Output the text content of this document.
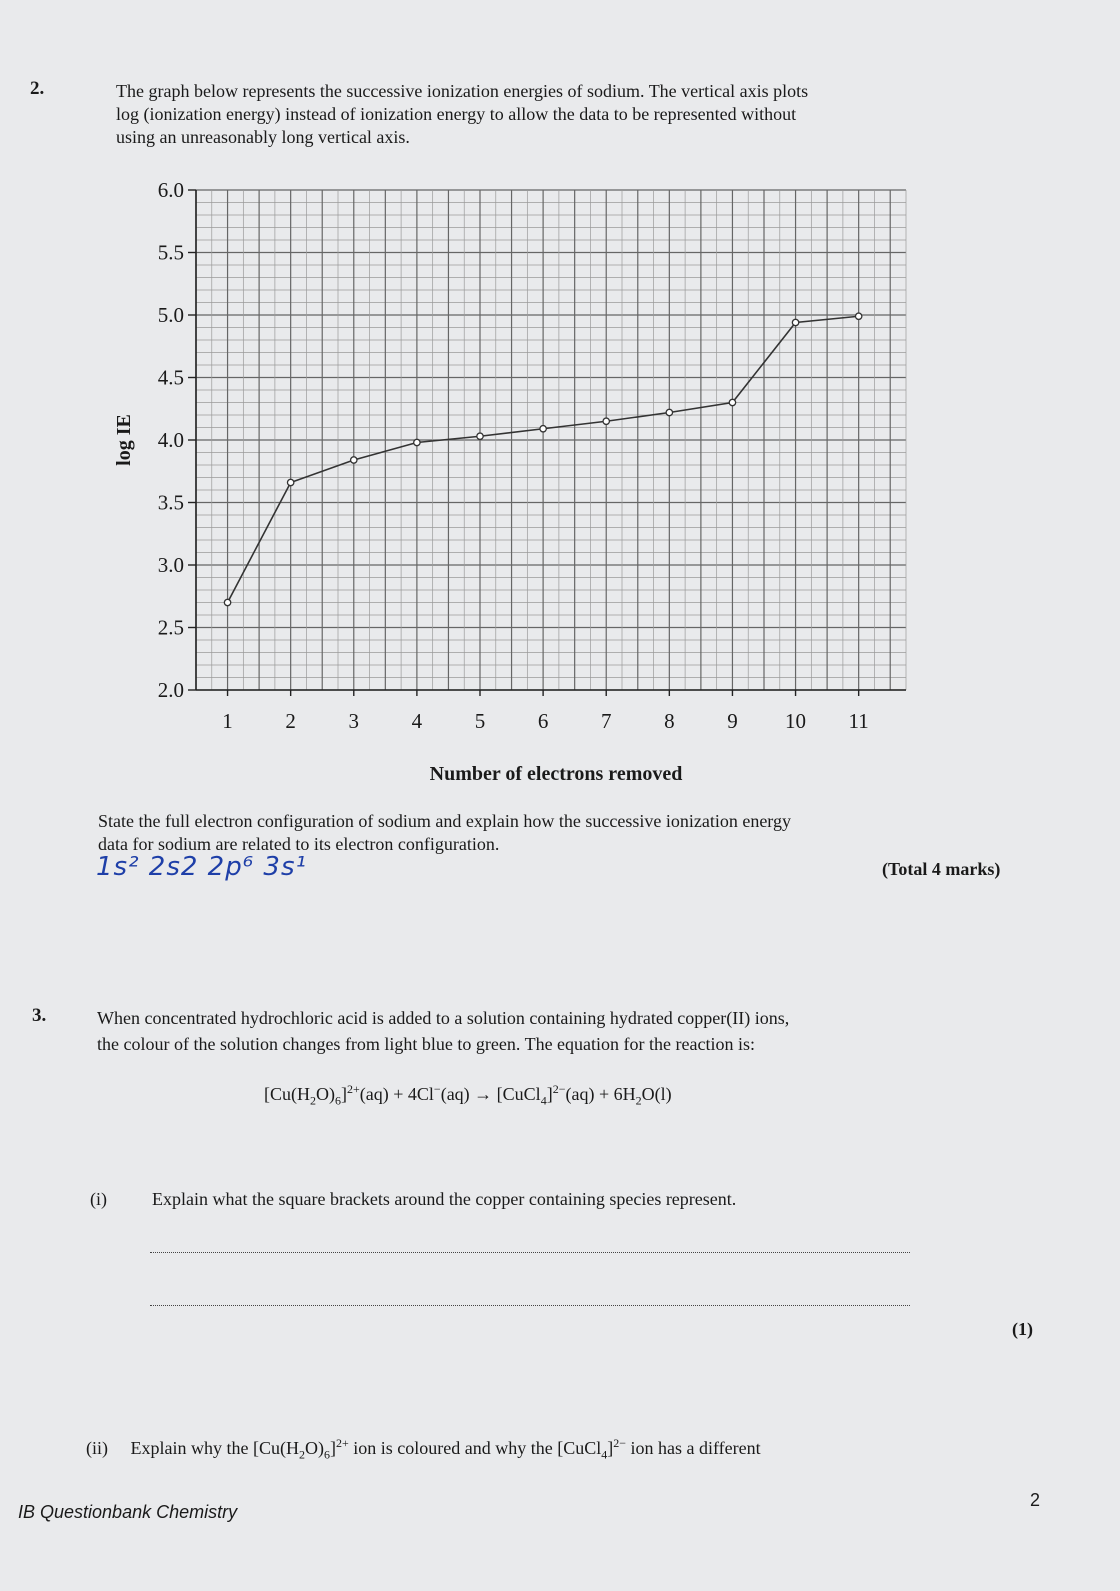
2.	The graph below represents the successive ionization energies of sodium. The vertical axis plots
log (ionization energy) instead of ionization energy to allow the data to be represented without
using an unreasonably long vertical axis.
2.0
2.5
3.0
3.5
4.0
4.5
5.0
5.5
6.0
1	2	3	4	5	6	7	8	9 10 11
log IE
Number of electrons removed
State the full electron configuration of sodium and explain how the successive ionization energy
data for sodium are related to its electron configuration.
1s² 2s2 2p⁶ 3s¹	(Total 4 marks)
3.	When concentrated hydrochloric acid is added to a solution containing hydrated copper(II) ions,
the colour of the solution changes from light blue to green. The equation for the reaction is:
$[Cu(H_2O)_6]^{2+}(aq) + 4Cl^-(aq)$ → [CuCl$_4$]$^{2-}$(aq) + $6H_2O(l)$
(i)	Explain what the square brackets around the copper containing species represent.
(1)
(ii) Explain why the $[Cu(H_2O)_6]^{2+}$ ion is coloured and why the [CuCl$_4$]$^{2-}$ ion has a different
IB Questionbank Chemistry
2
